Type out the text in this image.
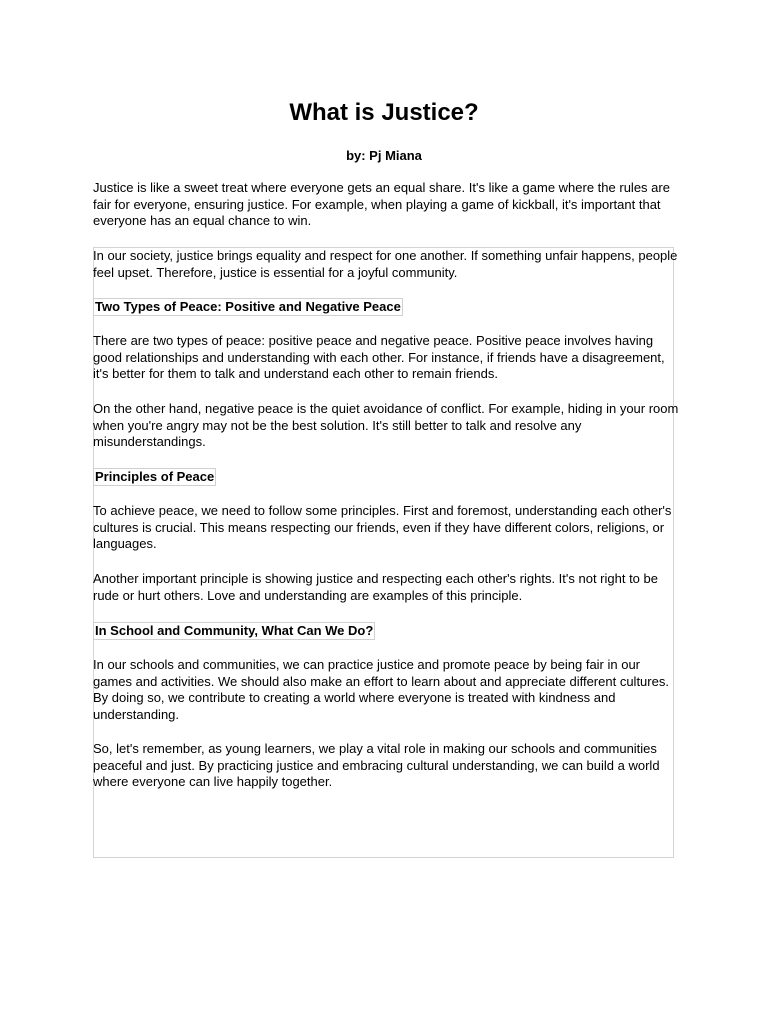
What is Justice?
by: Pj Miana

Justice is like a sweet treat where everyone gets an equal share. It's like a game where the rules are fair for everyone, ensuring justice. For example, when playing a game of kickball, it's important that everyone has an equal chance to win.

In our society, justice brings equality and respect for one another. If something unfair happens, people feel upset. Therefore, justice is essential for a joyful community.

Two Types of Peace: Positive and Negative Peace

There are two types of peace: positive peace and negative peace. Positive peace involves having good relationships and understanding with each other. For instance, if friends have a disagreement, it's better for them to talk and understand each other to remain friends.

On the other hand, negative peace is the quiet avoidance of conflict. For example, hiding in your room when you're angry may not be the best solution. It's still better to talk and resolve any misunderstandings.

Principles of Peace

To achieve peace, we need to follow some principles. First and foremost, understanding each other's cultures is crucial. This means respecting our friends, even if they have different colors, religions, or languages.

Another important principle is showing justice and respecting each other's rights. It's not right to be rude or hurt others. Love and understanding are examples of this principle.

In School and Community, What Can We Do?

In our schools and communities, we can practice justice and promote peace by being fair in our games and activities. We should also make an effort to learn about and appreciate different cultures. By doing so, we contribute to creating a world where everyone is treated with kindness and understanding.

So, let's remember, as young learners, we play a vital role in making our schools and communities peaceful and just. By practicing justice and embracing cultural understanding, we can build a world where everyone can live happily together.
